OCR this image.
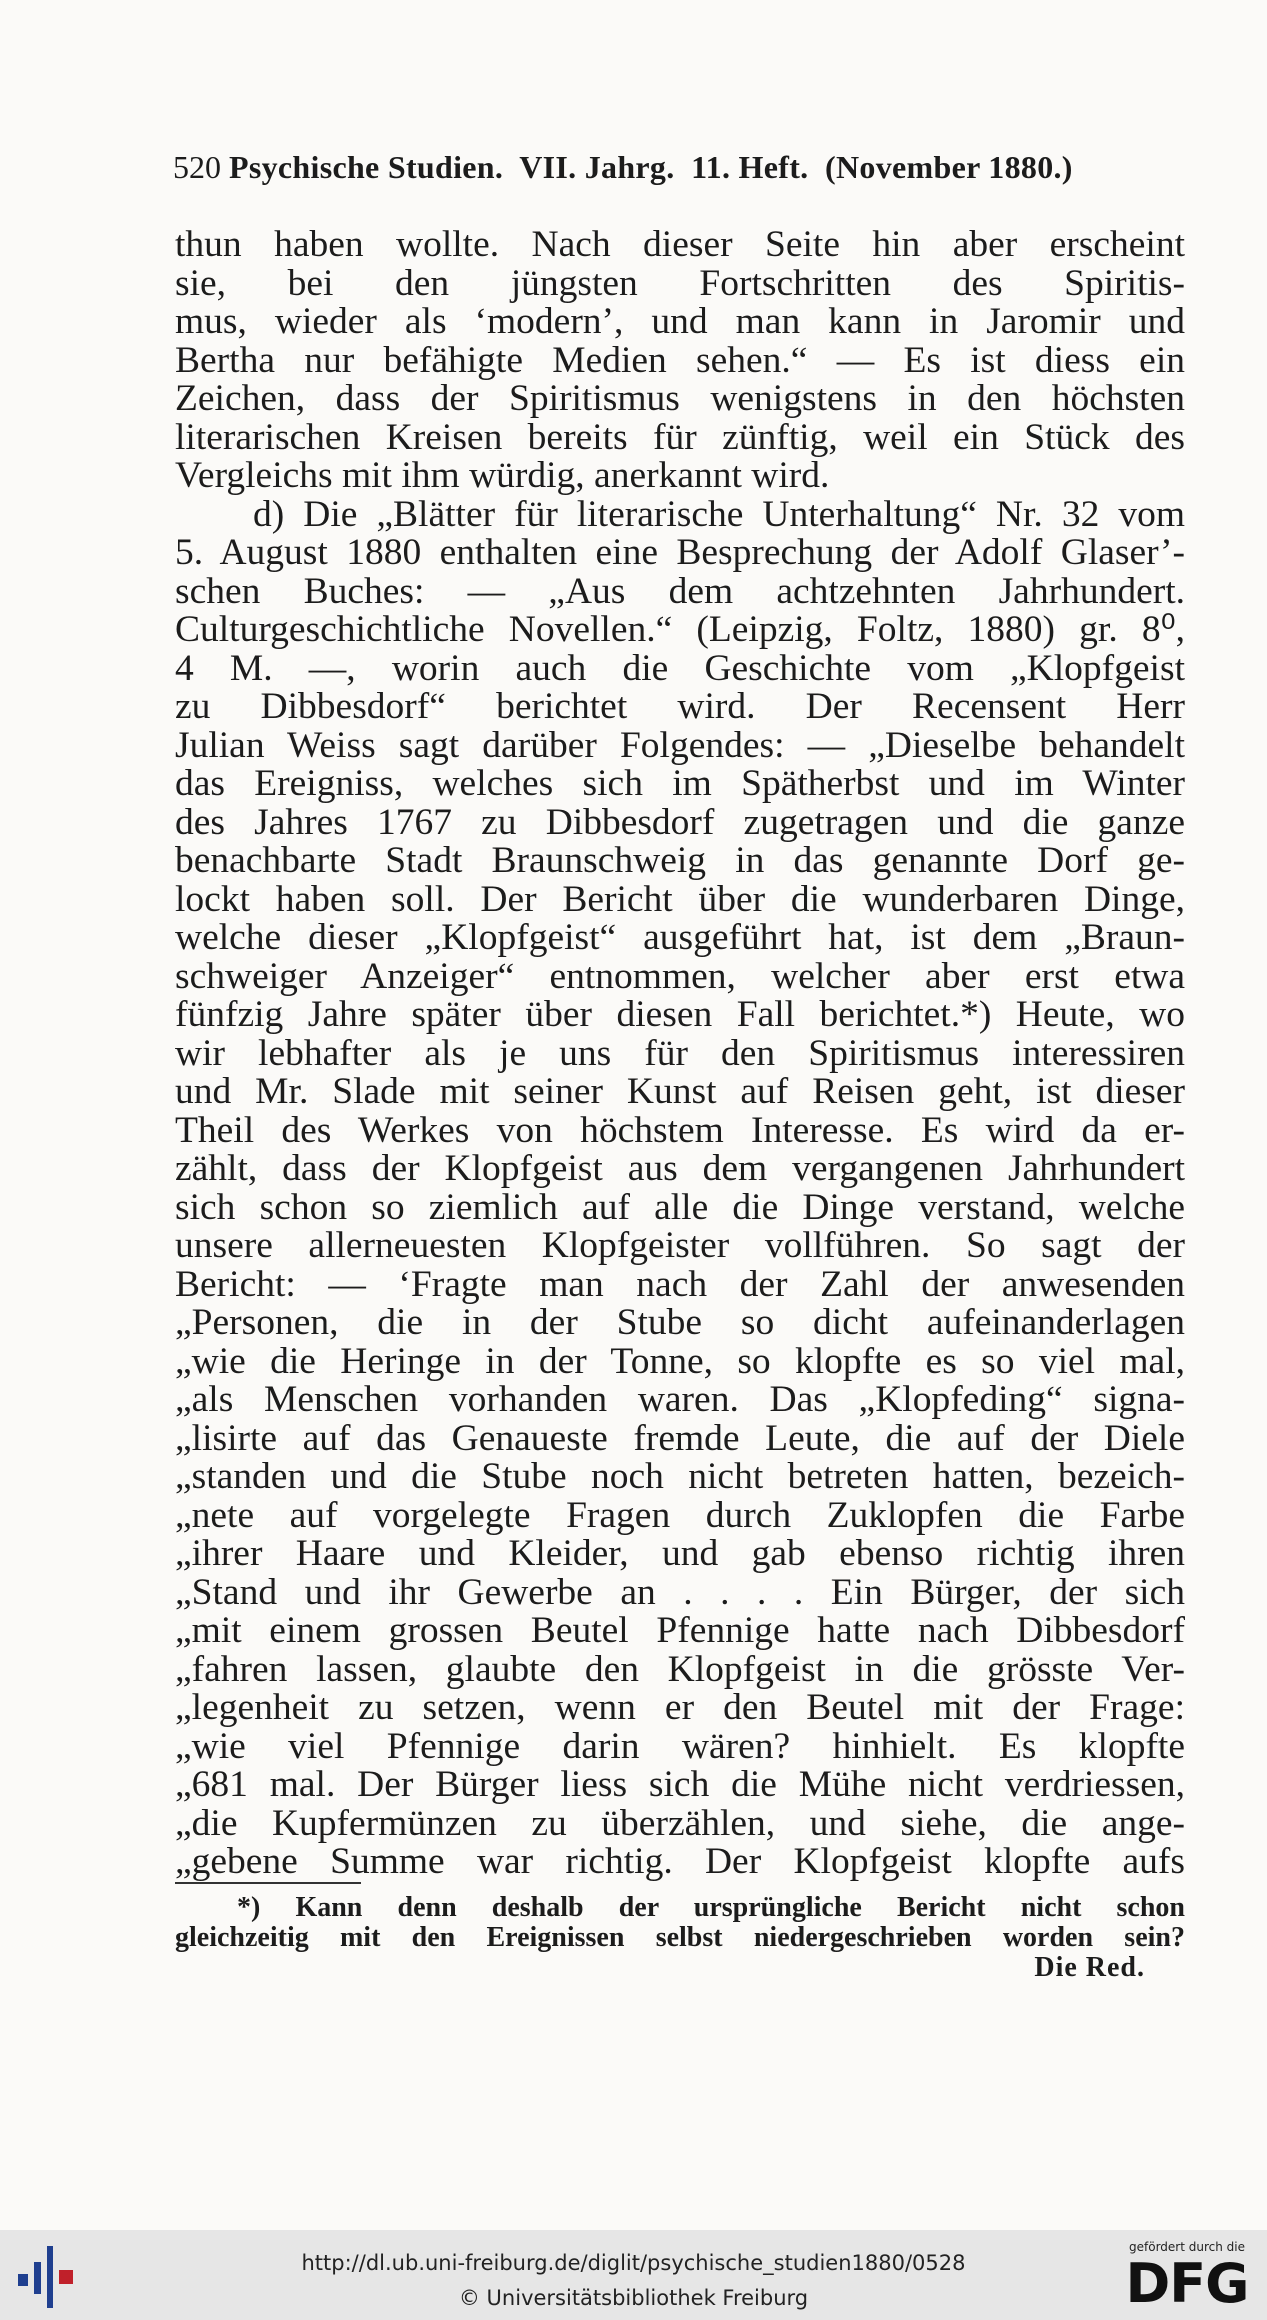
520 Psychische Studien.  VII. Jahrg.  11. Heft.  (November 1880.)
thun haben wollte. Nach dieser Seite hin aber erscheint
sie, bei den jüngsten Fortschritten des Spiritis-
mus, wieder als ‘modern’, und man kann in Jaromir und
Bertha nur befähigte Medien sehen.“ — Es ist diess ein
Zeichen, dass der Spiritismus wenigstens in den höchsten
literarischen Kreisen bereits für zünftig, weil ein Stück des
Vergleichs mit ihm würdig, anerkannt wird.
d) Die „Blätter für literarische Unterhaltung“ Nr. 32 vom
5. August 1880 enthalten eine Besprechung der Adolf Glaser’-
schen Buches: — „Aus dem achtzehnten Jahrhundert.
Culturgeschichtliche Novellen.“ (Leipzig, Foltz, 1880) gr. 8⁰,
4 M. —, worin auch die Geschichte vom „Klopfgeist
zu Dibbesdorf“ berichtet wird. Der Recensent Herr
Julian Weiss sagt darüber Folgendes: — „Dieselbe behandelt
das Ereigniss, welches sich im Spätherbst und im Winter
des Jahres 1767 zu Dibbesdorf zugetragen und die ganze
benachbarte Stadt Braunschweig in das genannte Dorf ge-
lockt haben soll. Der Bericht über die wunderbaren Dinge,
welche dieser „Klopfgeist“ ausgeführt hat, ist dem „Braun-
schweiger Anzeiger“ entnommen, welcher aber erst etwa
fünfzig Jahre später über diesen Fall berichtet.*) Heute, wo
wir lebhafter als je uns für den Spiritismus interessiren
und Mr. Slade mit seiner Kunst auf Reisen geht, ist dieser
Theil des Werkes von höchstem Interesse. Es wird da er-
zählt, dass der Klopfgeist aus dem vergangenen Jahrhundert
sich schon so ziemlich auf alle die Dinge verstand, welche
unsere allerneuesten Klopfgeister vollführen. So sagt der
Bericht: — ‘Fragte man nach der Zahl der anwesenden
„Personen, die in der Stube so dicht aufeinanderlagen
„wie die Heringe in der Tonne, so klopfte es so viel mal,
„als Menschen vorhanden waren. Das „Klopfeding“ signa-
„lisirte auf das Genaueste fremde Leute, die auf der Diele
„standen und die Stube noch nicht betreten hatten, bezeich-
„nete auf vorgelegte Fragen durch Zuklopfen die Farbe
„ihrer Haare und Kleider, und gab ebenso richtig ihren
„Stand und ihr Gewerbe an . . . . Ein Bürger, der sich
„mit einem grossen Beutel Pfennige hatte nach Dibbesdorf
„fahren lassen, glaubte den Klopfgeist in die grösste Ver-
„legenheit zu setzen, wenn er den Beutel mit der Frage:
„wie viel Pfennige darin wären? hinhielt. Es klopfte
„681 mal. Der Bürger liess sich die Mühe nicht verdriessen,
„die Kupfermünzen zu überzählen, und siehe, die ange-
„gebene Summe war richtig. Der Klopfgeist klopfte aufs
*) Kann denn deshalb der ursprüngliche Bericht nicht schon
gleichzeitig mit den Ereignissen selbst niedergeschrieben worden sein?
Die Red.
http://dl.ub.uni-freiburg.de/diglit/psychische_studien1880/0528
© Universitätsbibliothek Freiburg
gefördert durch die
DFG
